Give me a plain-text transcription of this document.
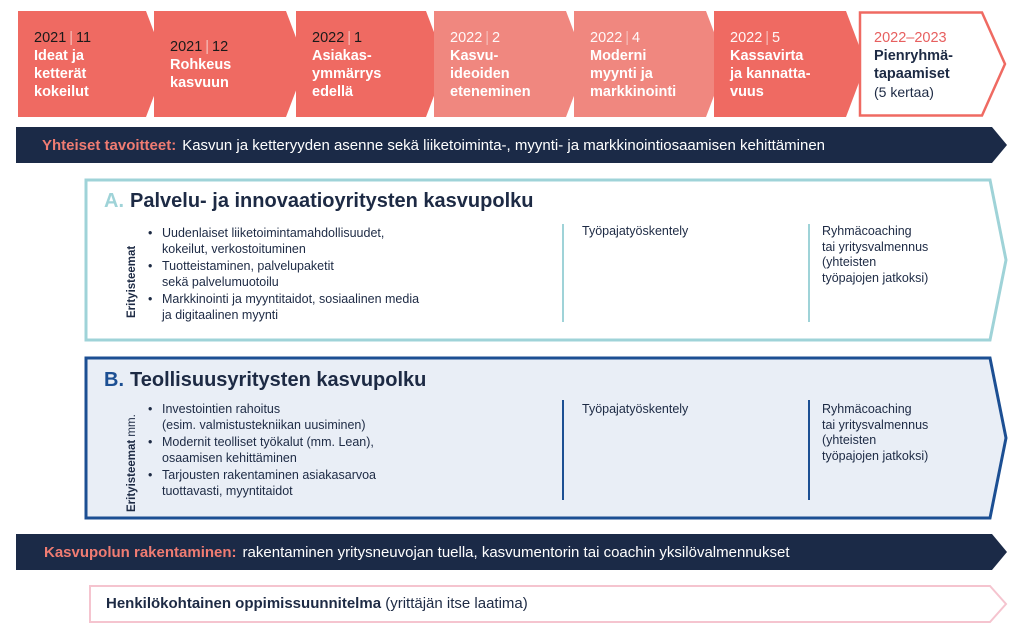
2021 | 11
Ideat ja
ketterät
kokeilut
2021 | 12
Rohkeus
kasvuun
2022 | 1
Asiakas-
ymmärrys
edellä
2022 | 2
Kasvu-
ideoiden
eteneminen
2022 | 4
Moderni
myynti ja
markkinointi
2022 | 5
Kassavirta
ja kannatta-
vuus
2022–2023
Pienryhmä-
tapaamiset
(5 kertaa)
Yhteiset tavoitteet: Kasvun ja ketteryyden asenne sekä liiketoiminta-, myynti- ja markkinointiosaamisen kehittäminen
A. Palvelu- ja innovaatioyritysten kasvupolku
Erityisteemat
• Uudenlaiset liiketoimintamahdollisuudet,
kokeilut, verkostoituminen
• Tuotteistaminen, palvelupaketit
sekä palvelumuotoilu
• Markkinointi ja myyntitaidot, sosiaalinen media
ja digitaalinen myynti
Työpajatyöskentely	Ryhmäcoaching
tai yritysvalmennus
(yhteisten
työpajojen jatkoksi)
B. Teollisuusyritysten kasvupolku
Erityisteemat mm.
• Investointien rahoitus
(esim. valmistustekniikan uusiminen)
• Modernit teolliset työkalut (mm. Lean),
osaamisen kehittäminen
• Tarjousten rakentaminen asiakasarvoa
tuottavasti, myyntitaidot
Työpajatyöskentely	Ryhmäcoaching
tai yritysvalmennus
(yhteisten
työpajojen jatkoksi)
Kasvupolun rakentaminen: rakentaminen yritysneuvojan tuella, kasvumentorin tai coachin yksilövalmennukset
Henkilökohtainen oppimissuunnitelma (yrittäjän itse laatima)
